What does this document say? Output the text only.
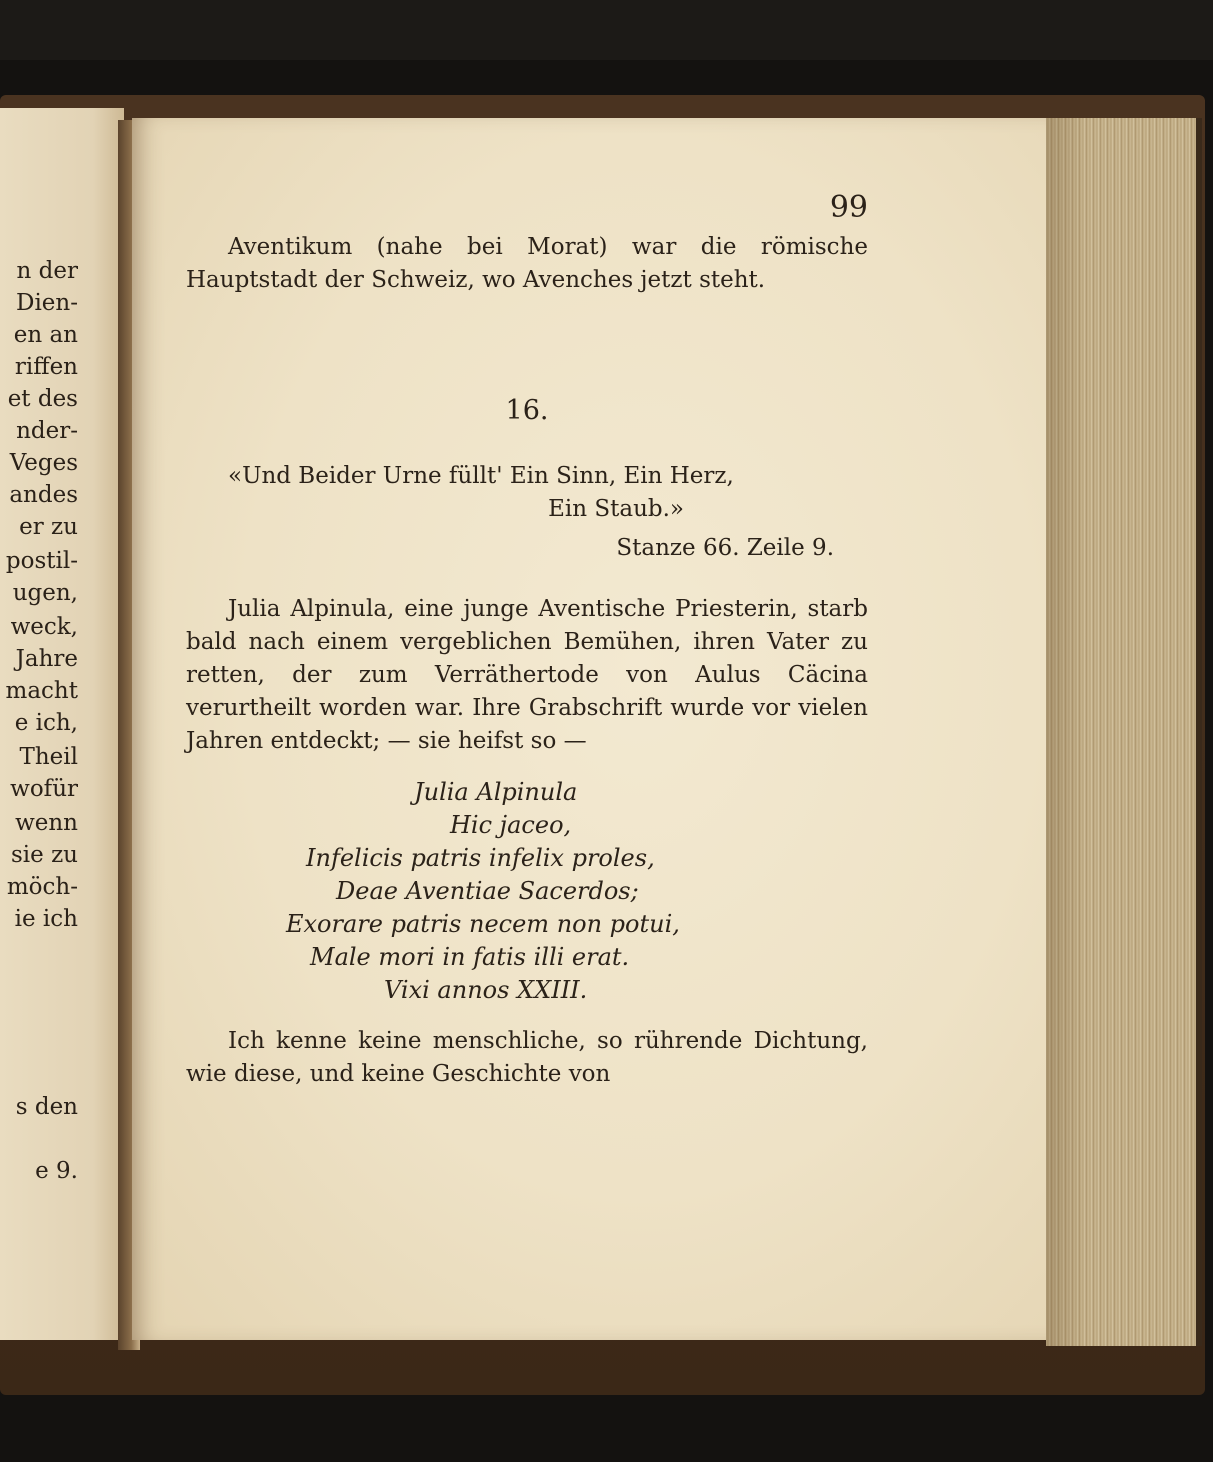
n der
Dien-
en an
riffen
et des
nder-
Veges
andes
er zu
postil-
ugen,
weck,
Jahre
macht
e ich,
Theil
wofür
wenn
sie zu
möch-
ie ich
s den
e 9.
99

Aventikum (nahe bei Morat) war die römische Hauptstadt der Schweiz, wo Avenches jetzt steht.

16.

«Und Beider Urne füllt' Ein Sinn, Ein Herz,

Ein Staub.»

Stanze 66. Zeile 9.

Julia Alpinula, eine junge Aventische Priesterin, starb bald nach einem vergeblichen Bemühen, ihren Vater zu retten, der zum Verräthertode von Aulus Cäcina verurtheilt worden war. Ihre Grabschrift wurde vor vielen Jahren entdeckt; — sie heifst so —

Julia Alpinula
Hic jaceo,
Infelicis patris infelix proles,
Deae Aventiae Sacerdos;
Exorare patris necem non potui,
Male mori in fatis illi erat.
Vixi annos XXIII.

Ich kenne keine menschliche, so rührende Dichtung, wie diese, und keine Geschichte von
